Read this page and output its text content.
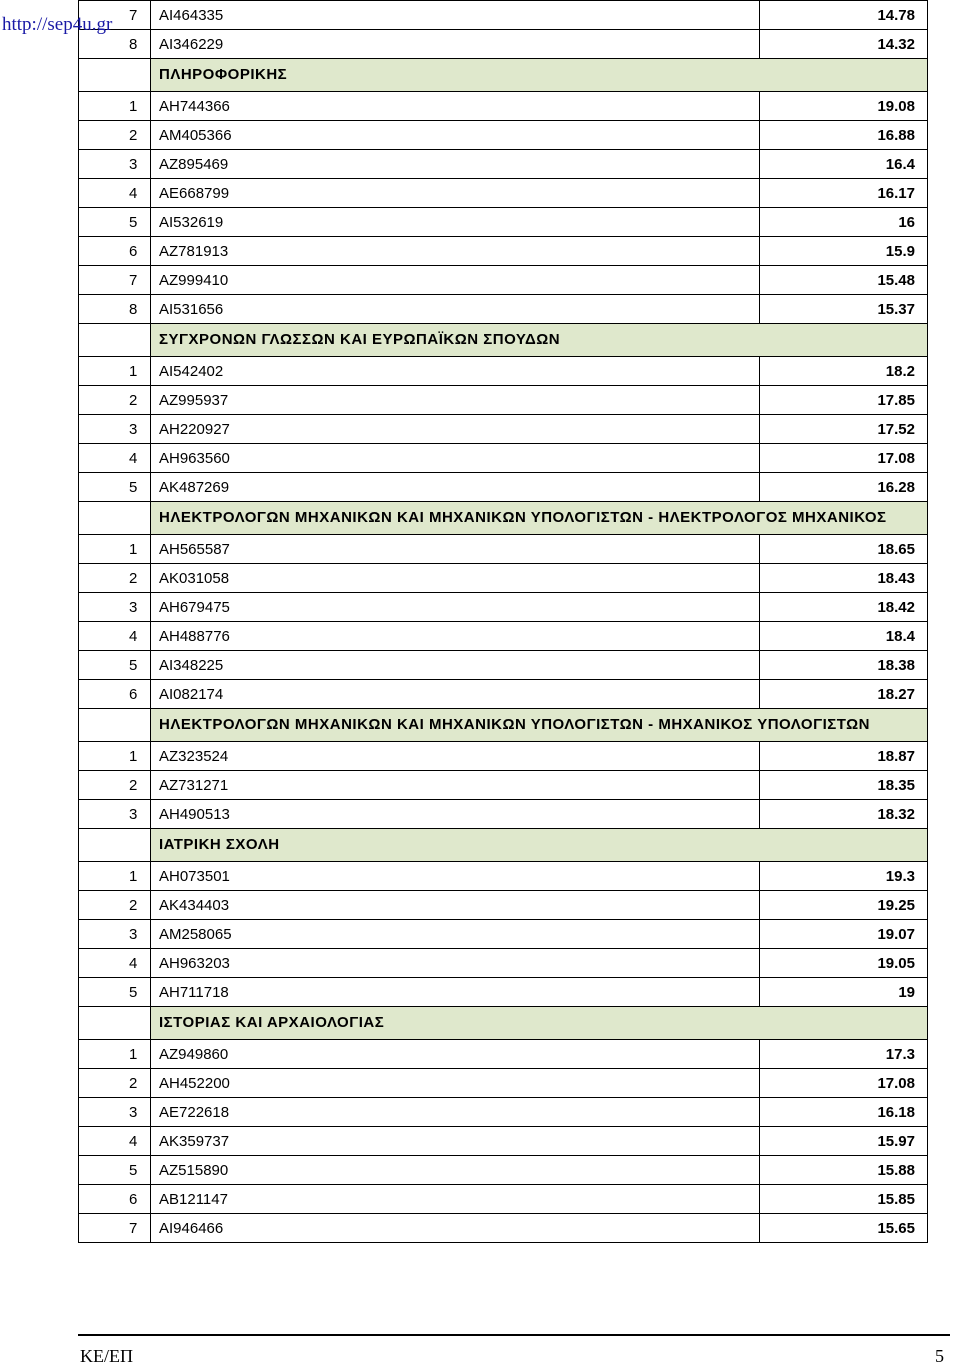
http://sep4u.gr 7	ΑΙ464335	14.78
8	ΑΙ346229	14.32
	ΠΛΗΡΟΦΟΡΙΚΗΣ	
1	ΑΗ744366	19.08
2	ΑΜ405366	16.88
3	ΑΖ895469	16.4
4	ΑΕ668799	16.17
5	ΑΙ532619	16
6	ΑΖ781913	15.9
7	ΑΖ999410	15.48
8	ΑΙ531656	15.37
	ΣΥΓΧΡΟΝΩΝ ΓΛΩΣΣΩΝ ΚΑΙ ΕΥΡΩΠΑΪΚΩΝ ΣΠΟΥΔΩΝ	
1	ΑΙ542402	18.2
2	ΑΖ995937	17.85
3	ΑΗ220927	17.52
4	ΑΗ963560	17.08
5	ΑΚ487269	16.28
	ΗΛΕΚΤΡΟΛΟΓΩΝ ΜΗΧΑΝΙΚΩΝ ΚΑΙ ΜΗΧΑΝΙΚΩΝ ΥΠΟΛΟΓΙΣΤΩΝ - ΗΛΕΚΤΡΟΛΟΓΟΣ ΜΗΧΑΝΙΚΟΣ	
1	ΑΗ565587	18.65
2	ΑΚ031058	18.43
3	ΑΗ679475	18.42
4	ΑΗ488776	18.4
5	ΑΙ348225	18.38
6	ΑΙ082174	18.27
	ΗΛΕΚΤΡΟΛΟΓΩΝ ΜΗΧΑΝΙΚΩΝ ΚΑΙ ΜΗΧΑΝΙΚΩΝ ΥΠΟΛΟΓΙΣΤΩΝ - ΜΗΧΑΝΙΚΟΣ ΥΠΟΛΟΓΙΣΤΩΝ	
1	ΑΖ323524	18.87
2	ΑΖ731271	18.35
3	ΑΗ490513	18.32
	ΙΑΤΡΙΚΗ ΣΧΟΛΗ	
1	ΑΗ073501	19.3
2	ΑΚ434403	19.25
3	ΑΜ258065	19.07
4	ΑΗ963203	19.05
5	ΑΗ711718	19
	ΙΣΤΟΡΙΑΣ ΚΑΙ ΑΡΧΑΙΟΛΟΓΙΑΣ	
1	ΑΖ949860	17.3
2	ΑΗ452200	17.08
3	ΑΕ722618	16.18
4	ΑΚ359737	15.97
5	ΑΖ515890	15.88
6	ΑΒ121147	15.85
7	ΑΙ946466	15.65
ΚΕ/ΕΠ	5
